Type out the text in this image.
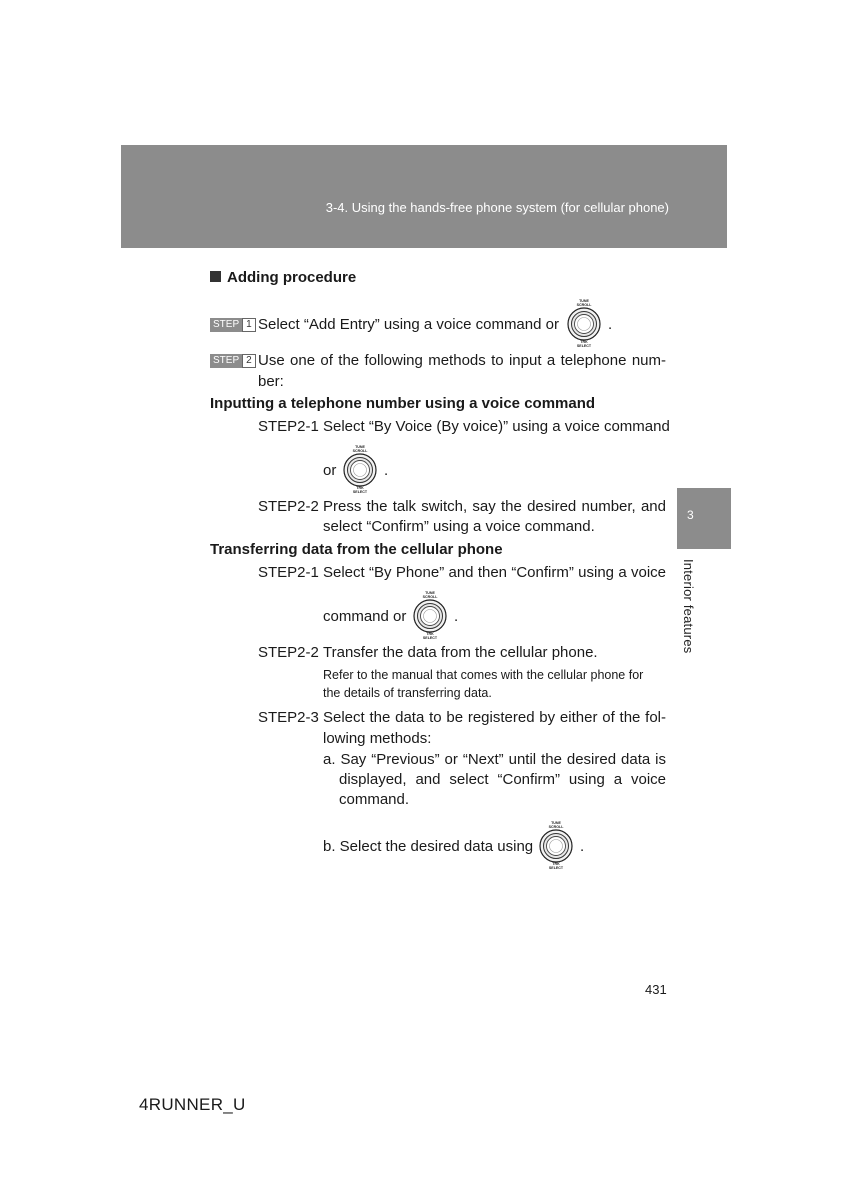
3-4. Using the hands-free phone system (for cellular phone)
3
Interior features
Adding procedure
STEP 1 Select “Add Entry” using a voice command or
TUNE
SCROLL
TRK
SELECT
.
STEP 2 Use one of the following methods to input a telephone num-
ber:
Inputting a telephone number using a voice command
STEP2-1 Select “By Voice (By voice)” using a voice command
or
TUNE
SCROLL
TRK
SELECT
.
STEP2-2 Press the talk switch, say the desired number, and
select “Confirm” using a voice command.
Transferring data from the cellular phone
STEP2-1 Select “By Phone” and then “Confirm” using a voice
command or
TUNE
SCROLL
TRK
SELECT
.
STEP2-2 Transfer the data from the cellular phone.
Refer to the manual that comes with the cellular phone for
the details of transferring data.
STEP2-3 Select the data to be registered by either of the fol-
lowing methods:
a. Say “Previous” or “Next” until the desired data is
displayed, and select “Confirm” using a voice
command.
b. Select the desired data using
TUNE
SCROLL
TRK
SELECT
.
431
4RUNNER_U
